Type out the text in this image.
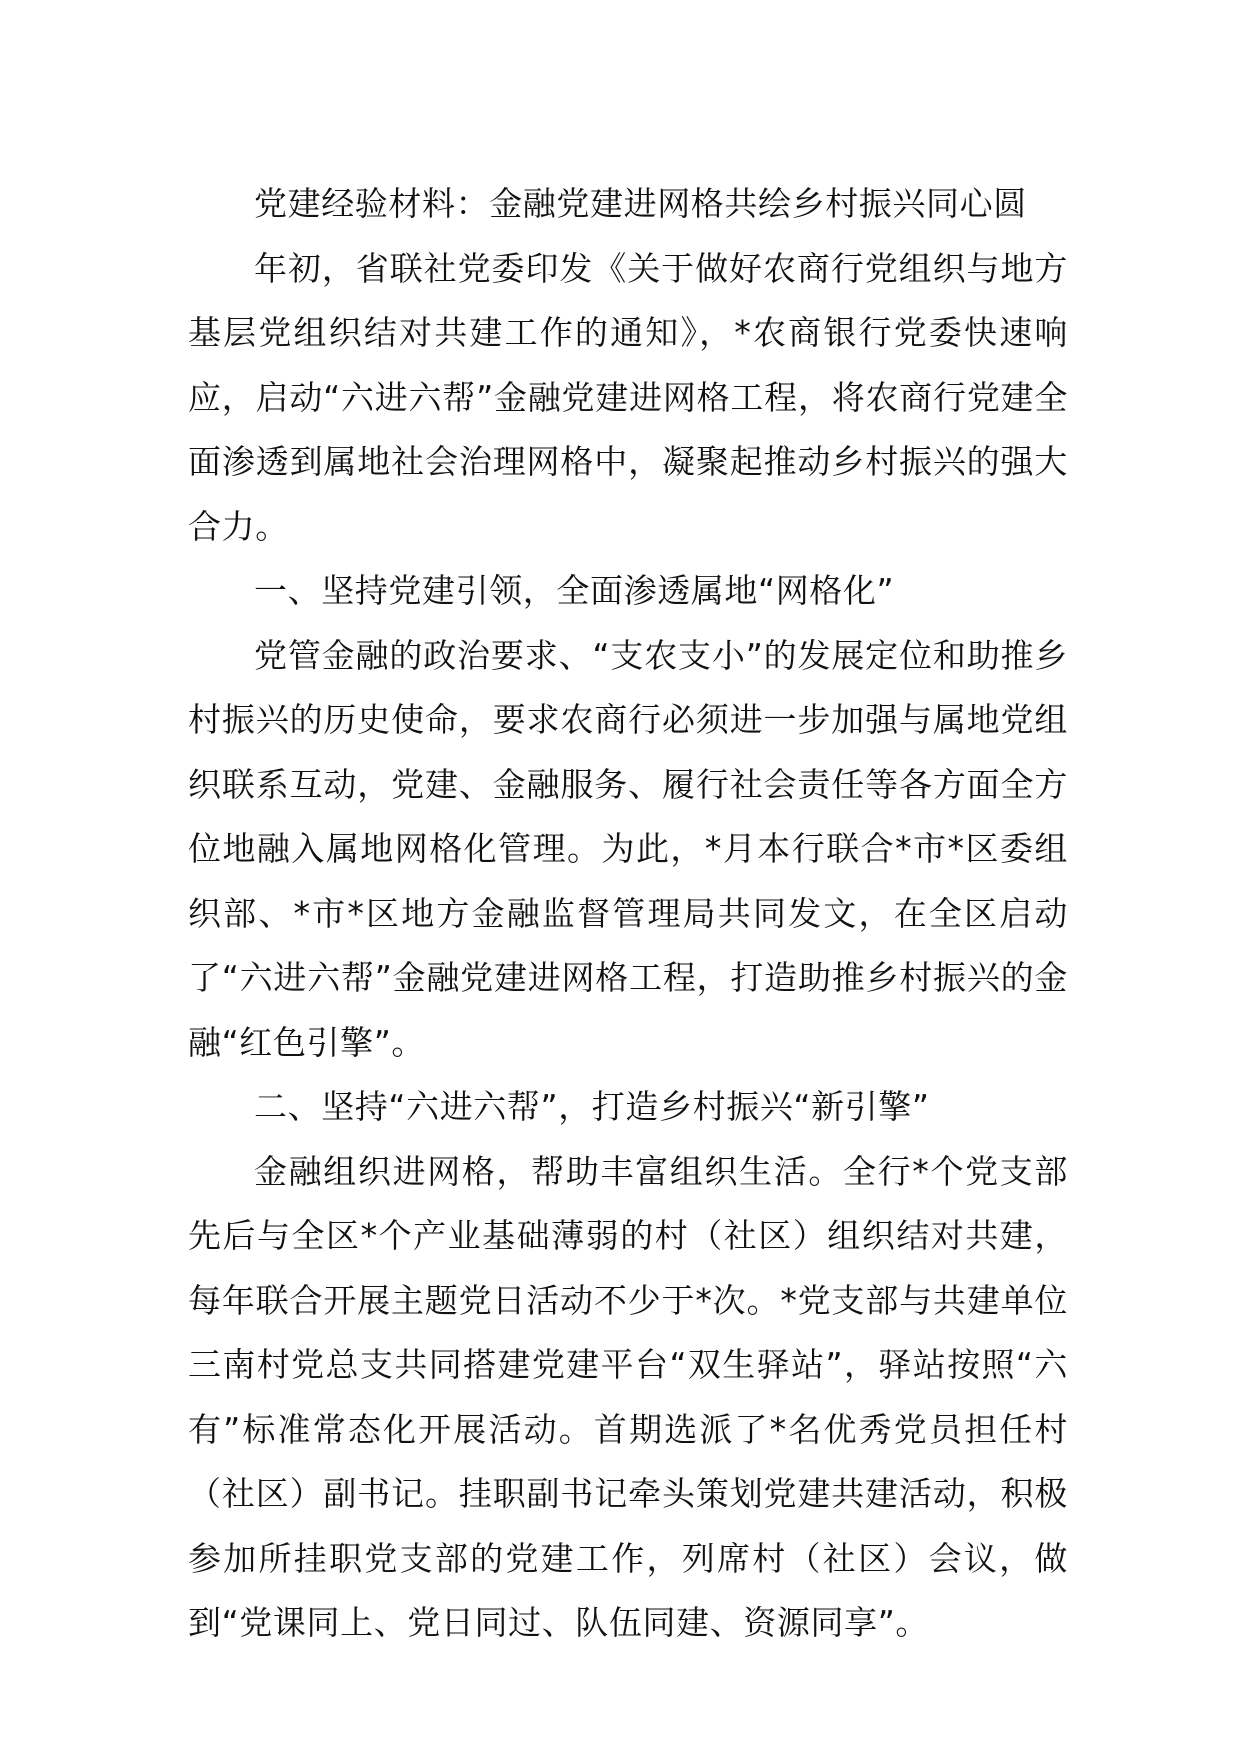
党建经验材料：金融党建进网格共绘乡村振兴同心圆

年初，省联社党委印发《关于做好农商行党组织与地方基层党组织结对共建工作的通知》，*农商银行党委快速响应，启动“六进六帮”金融党建进网格工程，将农商行党建全面渗透到属地社会治理网格中，凝聚起推动乡村振兴的强大合力。

一、坚持党建引领，全面渗透属地“网格化”

党管金融的政治要求、“支农支小”的发展定位和助推乡村振兴的历史使命，要求农商行必须进一步加强与属地党组织联系互动，党建、金融服务、履行社会责任等各方面全方位地融入属地网格化管理。为此，*月本行联合*市*区委组织部、*市*区地方金融监督管理局共同发文，在全区启动了“六进六帮”金融党建进网格工程，打造助推乡村振兴的金融“红色引擎”。

二、坚持“六进六帮”，打造乡村振兴“新引擎”

金融组织进网格，帮助丰富组织生活。全行*个党支部先后与全区*个产业基础薄弱的村（社区）组织结对共建，每年联合开展主题党日活动不少于*次。*党支部与共建单位三南村党总支共同搭建党建平台“双生驿站”，驿站按照“六有”标准常态化开展活动。首期选派了*名优秀党员担任村（社区）副书记。挂职副书记牵头策划党建共建活动，积极参加所挂职党支部的党建工作，列席村（社区）会议，做到“党课同上、党日同过、队伍同建、资源同享”。
